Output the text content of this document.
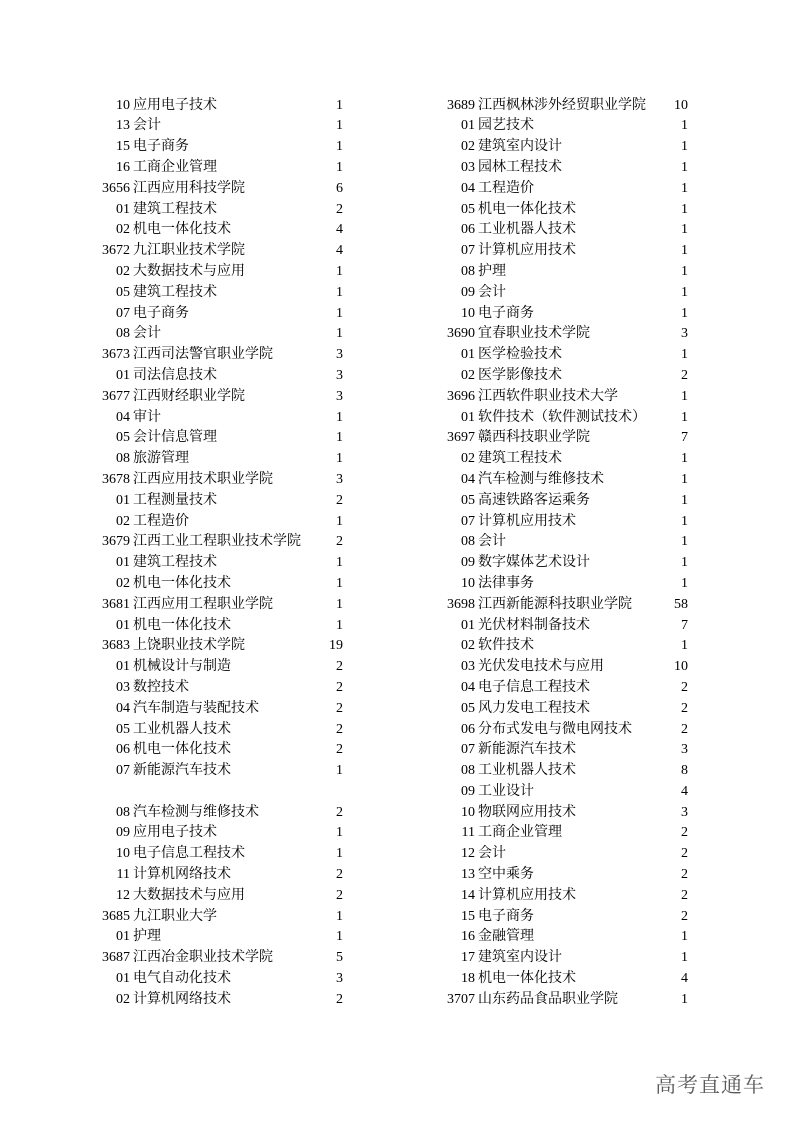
10 应用电子技术	1
13 会计	1
15 电子商务	1
16 工商企业管理	1
3656 江西应用科技学院	6
01 建筑工程技术	2
02 机电一体化技术	4
3672 九江职业技术学院	4
02 大数据技术与应用	1
05 建筑工程技术	1
07 电子商务	1
08 会计	1
3673 江西司法警官职业学院	3
01 司法信息技术	3
3677 江西财经职业学院	3
04 审计	1
05 会计信息管理	1
08 旅游管理	1
3678 江西应用技术职业学院	3
01 工程测量技术	2
02 工程造价	1
3679 江西工业工程职业技术学院	2
01 建筑工程技术	1
02 机电一体化技术	1
3681 江西应用工程职业学院	1
01 机电一体化技术	1
3683 上饶职业技术学院	19
01 机械设计与制造	2
03 数控技术	2
04 汽车制造与装配技术	2
05 工业机器人技术	2
06 机电一体化技术	2
07 新能源汽车技术	1
08 汽车检测与维修技术	2
09 应用电子技术	1
10 电子信息工程技术	1
11 计算机网络技术	2
12 大数据技术与应用	2
3685 九江职业大学	1
01 护理	1
3687 江西冶金职业技术学院	5
01 电气自动化技术	3
02 计算机网络技术	2
3689 江西枫林涉外经贸职业学院 10
01 园艺技术	1
02 建筑室内设计	1
03 园林工程技术	1
04 工程造价	1
05 机电一体化技术	1
06 工业机器人技术	1
07 计算机应用技术	1
08 护理	1
09 会计	1
10 电子商务	1
3690 宜春职业技术学院	3
01 医学检验技术	1
02 医学影像技术	2
3696 江西软件职业技术大学	1
01 软件技术（软件测试技术）	1
3697 赣西科技职业学院	7
02 建筑工程技术	1
04 汽车检测与维修技术	1
05 高速铁路客运乘务	1
07 计算机应用技术	1
08 会计	1
09 数字媒体艺术设计	1
10 法律事务	1
3698 江西新能源科技职业学院	58
01 光伏材料制备技术	7
02 软件技术	1
03 光伏发电技术与应用	10
04 电子信息工程技术	2
05 风力发电工程技术	2
06 分布式发电与微电网技术	2
07 新能源汽车技术	3
08 工业机器人技术	8
09 工业设计	4
10 物联网应用技术	3
11 工商企业管理	2
12 会计	2
13 空中乘务	2
14 计算机应用技术	2
15 电子商务	2
16 金融管理	1
17 建筑室内设计	1
18 机电一体化技术	4
3707 山东药品食品职业学院	1
高考直通车
